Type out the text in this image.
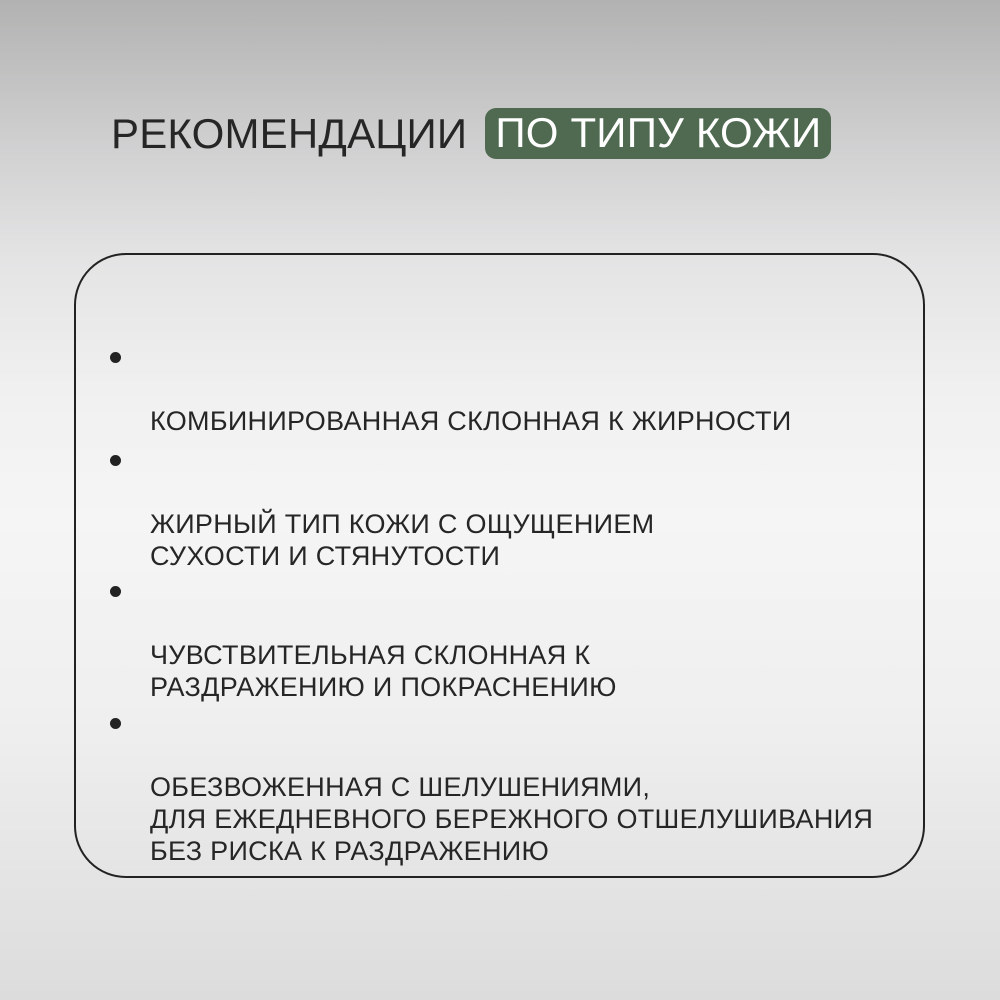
РЕКОМЕНДАЦИИ ПО ТИПУ КОЖИ

КОМБИНИРОВАННАЯ СКЛОННАЯ К ЖИРНОСТИ

ЖИРНЫЙ ТИП КОЖИ С ОЩУЩЕНИЕМ
СУХОСТИ И СТЯНУТОСТИ

ЧУВСТВИТЕЛЬНАЯ СКЛОННАЯ К
РАЗДРАЖЕНИЮ И ПОКРАСНЕНИЮ

ОБЕЗВОЖЕННАЯ С ШЕЛУШЕНИЯМИ,
ДЛЯ ЕЖЕДНЕВНОГО БЕРЕЖНОГО ОТШЕЛУШИВАНИЯ
БЕЗ РИСКА К РАЗДРАЖЕНИЮ
